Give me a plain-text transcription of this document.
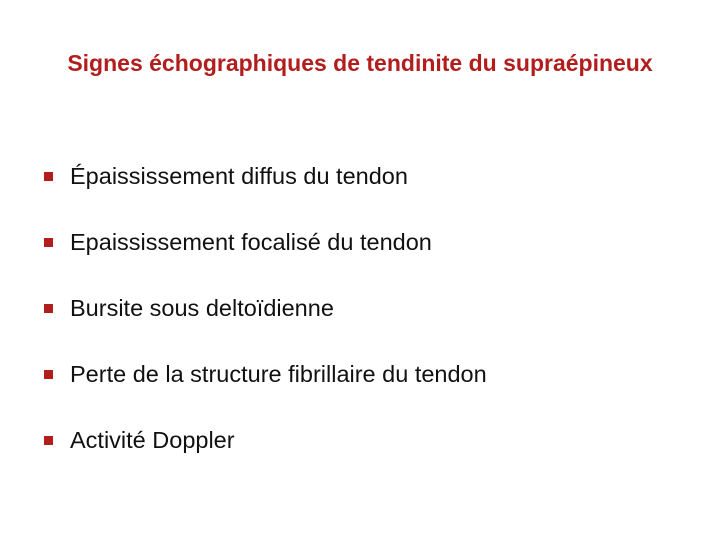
Signes échographiques de tendinite du supraépineux
Épaississement diffus du tendon
Epaississement focalisé du tendon
Bursite sous deltoïdienne
Perte de la structure fibrillaire du tendon
Activité Doppler
